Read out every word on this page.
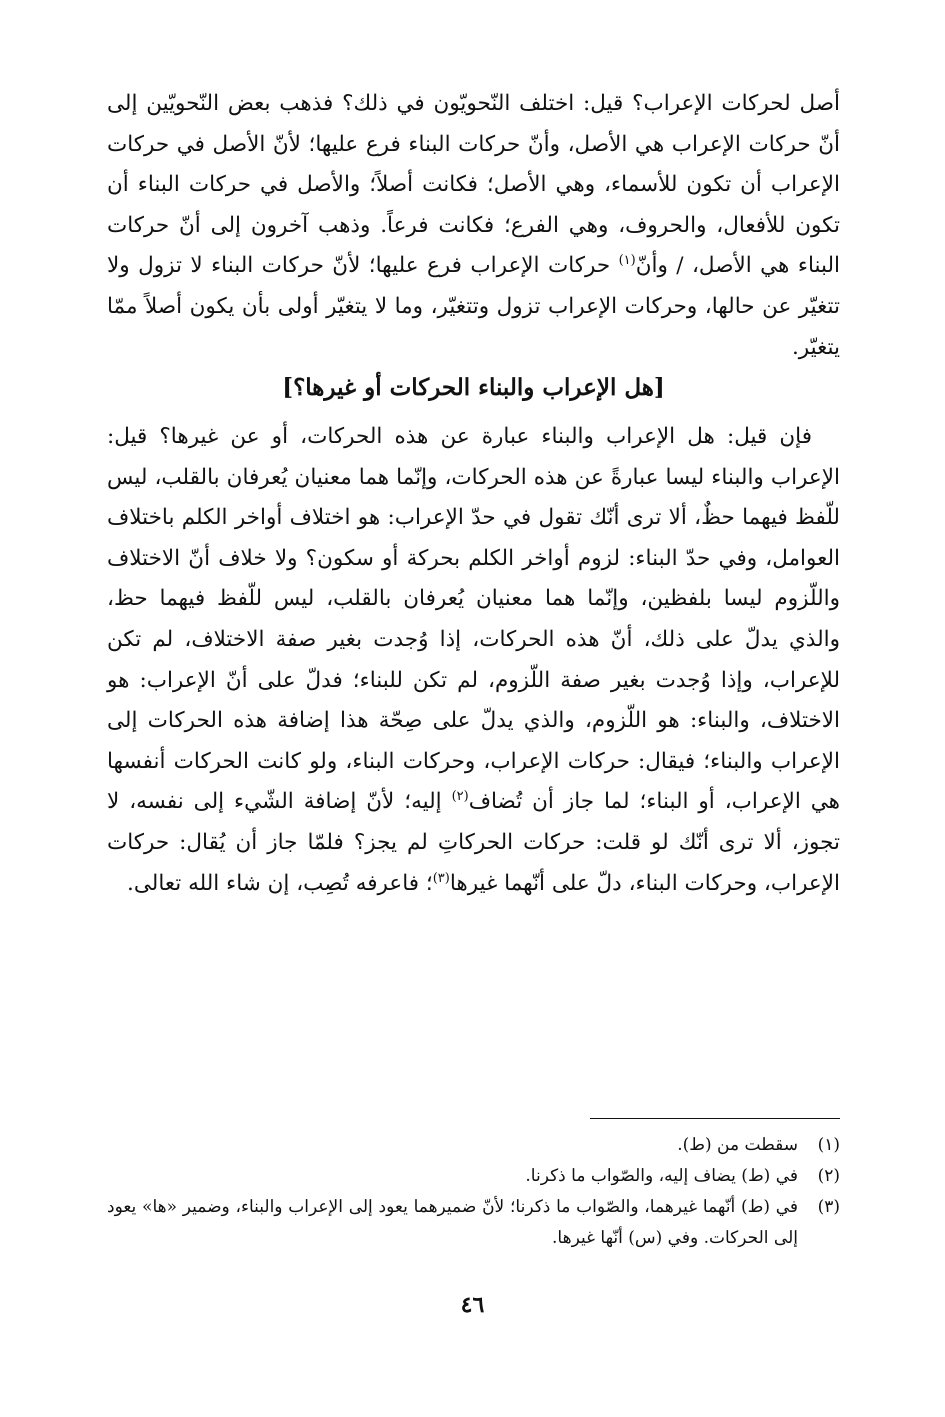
أصل لحركات الإعراب؟ قيل: اختلف النّحويّون في ذلك؟ فذهب بعض النّحويّين إلى أنّ حركات الإعراب هي الأصل، وأنّ حركات البناء فرع عليها؛ لأنّ الأصل في حركات الإعراب أن تكون للأسماء، وهي الأصل؛ فكانت أصلاً؛ والأصل في حركات البناء أن تكون للأفعال، والحروف، وهي الفرع؛ فكانت فرعاً. وذهب آخرون إلى أنّ حركات البناء هي الأصل، / وأنّ$^{(١)}$ حركات الإعراب فرع عليها؛ لأنّ حركات البناء لا تزول ولا تتغيّر عن حالها، وحركات الإعراب تزول وتتغيّر، وما لا يتغيّر أولى بأن يكون أصلاً ممّا يتغيّر.

[هل الإعراب والبناء الحركات أو غيرها؟]

فإن قيل: هل الإعراب والبناء عبارة عن هذه الحركات، أو عن غيرها؟ قيل: الإعراب والبناء ليسا عبارةً عن هذه الحركات، وإنّما هما معنيان يُعرفان بالقلب، ليس للّفظ فيهما حظٌ، ألا ترى أنّك تقول في حدّ الإعراب: هو اختلاف أواخر الكلم باختلاف العوامل، وفي حدّ البناء: لزوم أواخر الكلم بحركة أو سكون؟ ولا خلاف أنّ الاختلاف واللّزوم ليسا بلفظين، وإنّما هما معنيان يُعرفان بالقلب، ليس للّفظ فيهما حظ، والذي يدلّ على ذلك، أنّ هذه الحركات، إذا وُجدت بغير صفة الاختلاف، لم تكن للإعراب، وإذا وُجدت بغير صفة اللّزوم، لم تكن للبناء؛ فدلّ على أنّ الإعراب: هو الاختلاف، والبناء: هو اللّزوم، والذي يدلّ على صِحّة هذا إضافة هذه الحركات إلى الإعراب والبناء؛ فيقال: حركات الإعراب، وحركات البناء، ولو كانت الحركات أنفسها هي الإعراب، أو البناء؛ لما جاز أن تُضاف$^{(٢)}$ إليه؛ لأنّ إضافة الشّيء إلى نفسه، لا تجوز، ألا ترى أنّك لو قلت: حركات الحركاتِ لم يجز؟ فلمّا جاز أن يُقال: حركات الإعراب، وحركات البناء، دلّ على أنّهما غيرها$^{(٣)}$؛ فاعرفه تُصِب، إن شاء الله تعالى.

(١)
سقطت من (ط).
(٢)
في (ط) يضاف إليه، والصّواب ما ذكرنا.
(٣)
في (ط) أنّهما غيرهما، والصّواب ما ذكرنا؛ لأنّ ضميرهما يعود إلى الإعراب والبناء، وضمير «ها» يعود إلى الحركات. وفي (س) أنّها غيرها.
٤٦
